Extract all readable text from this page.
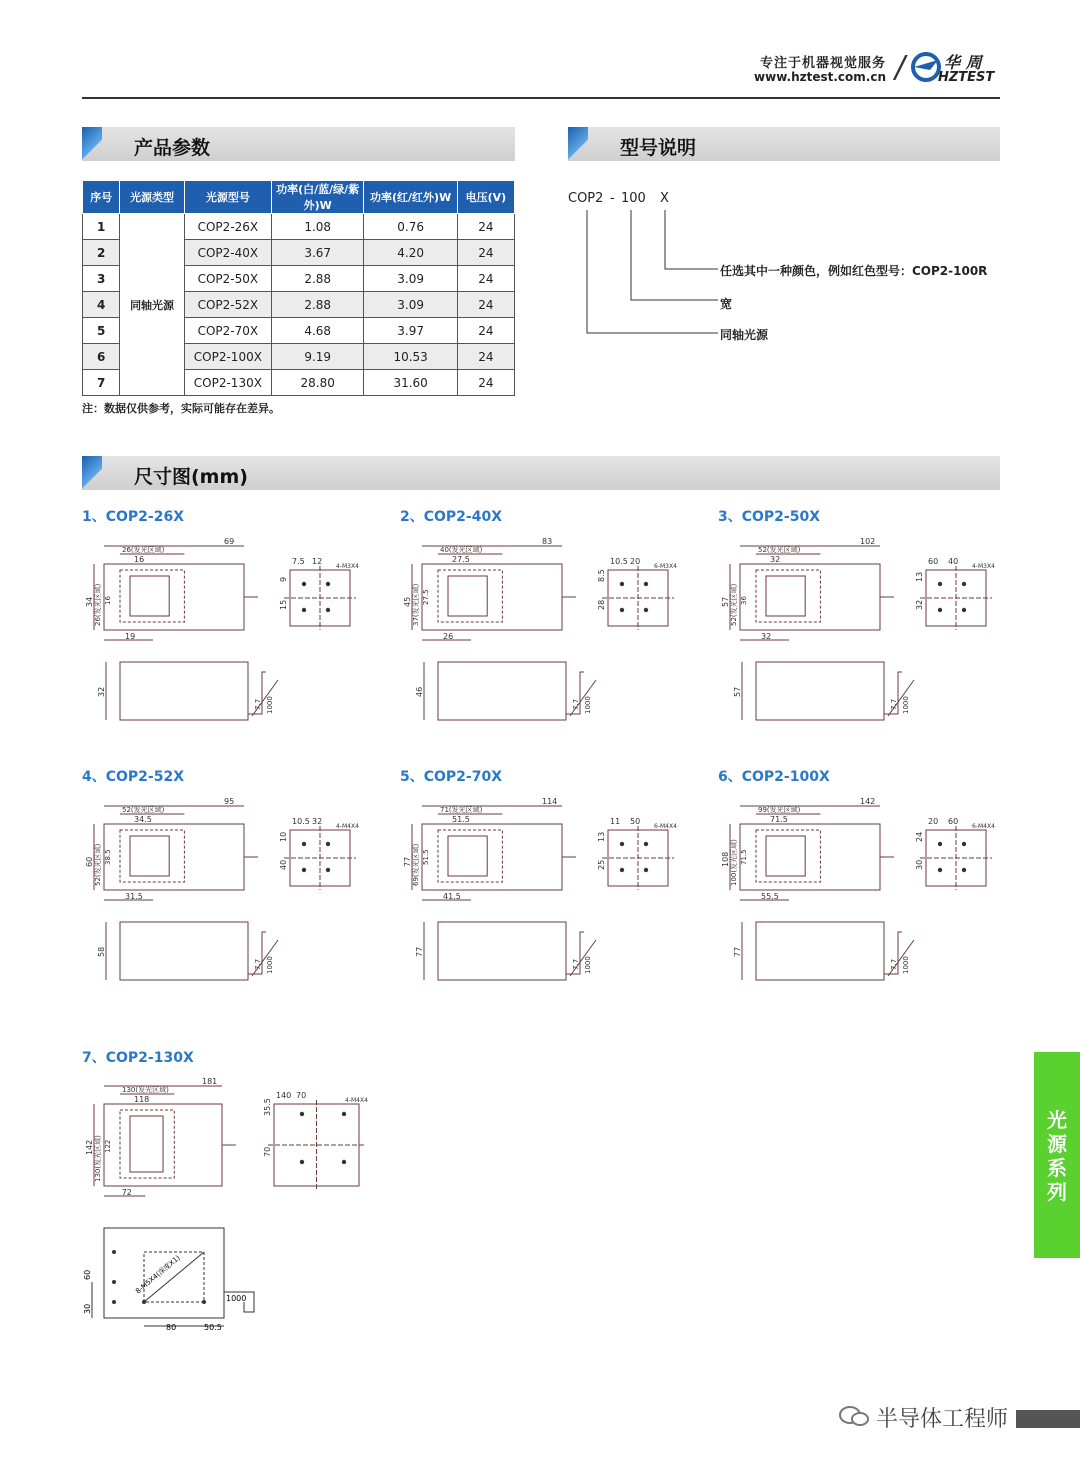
专注于机器视觉服务
www.hztest.com.cn / 华 周
HZTEST
产品参数
序号	光源类型	光源型号	功率(白/蓝/绿/紫外)W	功率(红/红外)W	电压(V)
1	同轴光源	COP2-26X	1.08	0.76	24
2		COP2-40X	3.67	4.20	24
3		COP2-50X	2.88	3.09	24
4		COP2-52X	2.88	3.09	24
5		COP2-70X	4.68	3.97	24
6		COP2-100X	9.19	10.53	24
7		COP2-130X	28.80	31.60	24
注：数据仅供参考，实际可能存在差异。
型号说明
COP2 - 100 X
任选其中一种颜色，例如红色型号：COP2-100R
宽
同轴光源
尺寸图(mm)
1、COP2-26X
69
26(发光区域)
16
34 26(发光区域) 16
19
7.5 12
4-M3X4
15
9
32
7.7 1000
2、COP2-40X
83
40(发光区域)
27.5
45 37(发光区域) 27.5
26
10.5 20
6-M3X4
28
8.5
46
7.7 1000
3、COP2-50X
102
52(发光区域)
32
57 52(发光区域) 36
32
60 40
4-M3X4
32
13
57
7.7 1000
4、COP2-52X
95
52(发光区域)
34.5
60 52(发光区域) 38.5
31.5
10.5 32
4-M4X4
40
10
58
7.7 1000
5、COP2-70X
114
71(发光区域)
51.5
77 69(发光区域) 51.5
41.5
11 50
6-M4X4
25
13
77
7.7 1000
6、COP2-100X
142
99(发光区域)
71.5
108 100(发光区域) 71.5
55.5
20 60
6-M4X4
30
24
77
7.7 1000
7、COP2-130X
181
130(发光区域)
118
142 130(发光区域) 122
72
140 70
4-M4X4
70
35.5
60
30
80	50.5
8-M5X4(深度X1)
1000
光源系列
半导体工程师
